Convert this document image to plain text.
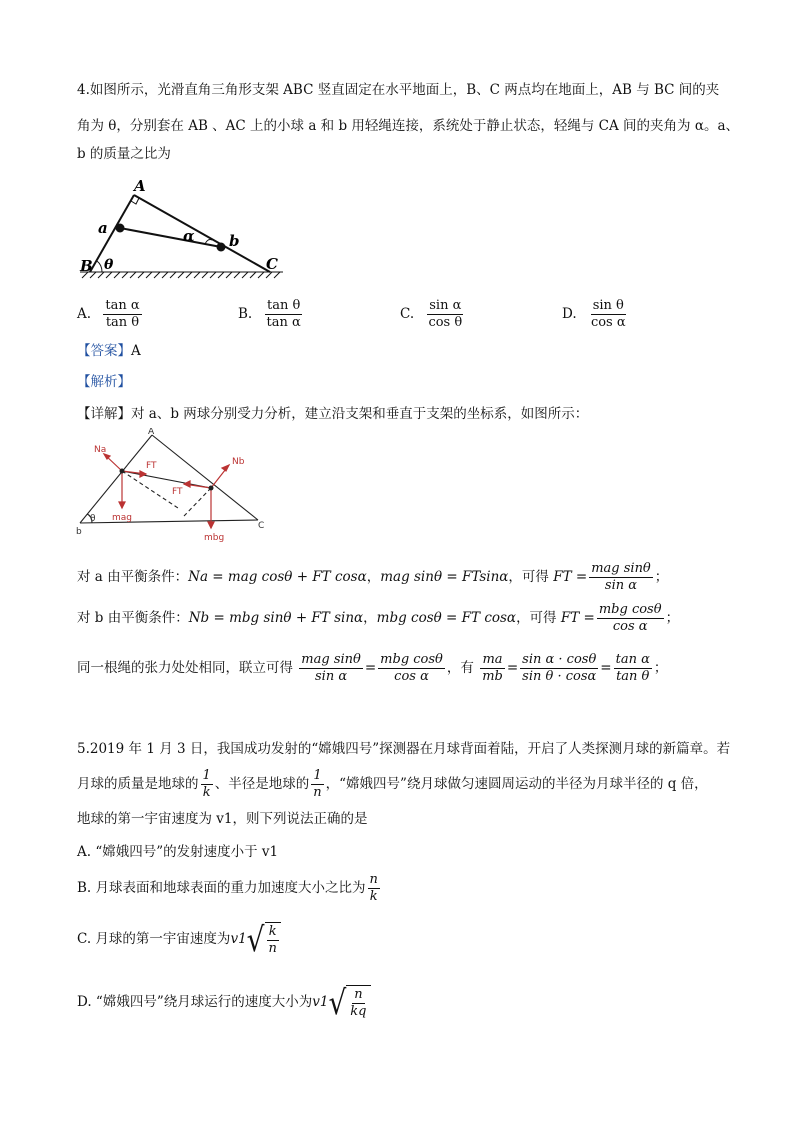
4.如图所示，光滑直角三角形支架 ABC 竖直固定在水平地面上，B、C 两点均在地面上，AB 与 BC 间的夹
角为 θ，分别套在 AB 、AC 上的小球 a 和 b 用轻绳连接，系统处于静止状态，轻绳与 CA 间的夹角为 α。a、
b 的质量之比为
A
a	α b
B θ	C
A. $\frac{\text{tan α}}{\text{tan θ}}$	B. $\frac{\text{tan θ}}{\text{tan α}}$	C. $\frac{\text{sin α}}{\text{cos θ}}$	D. $\frac{\text{sin θ}}{\text{cos α}}$
【答案】A
【解析】
【详解】对 a、b 两球分别受力分析，建立沿支架和垂直于支架的坐标系，如图所示：
A
b
C
θ
Na
FT
FT
Nb
mag
mbg
对 a 由平衡条件：Na = mag cosθ + FT cosα，mag sinθ = FTsinα，可得 FT = $\frac{\text{mag sinθ}}{\text{sin α}}$ ；
对 b 由平衡条件：Nb = mbg sinθ + FT sinα，mbg cosθ = FT cosα，可得 FT = $\frac{\text{mbg cosθ}}{\text{cos α}}$ ；
同一根绳的张力处处相同，联立可得 $\frac{\text{mag sinθ}}{\text{sin α}} = \frac{\text{mbg cosθ}}{\text{cos α}}$ ，有 $\frac{ma}{mb} = \frac{\text{sin α · cosθ}}{\text{sin θ · cosα}} = \frac{\text{tan α}}{\text{tan θ}}$ ；
5.2019 年 1 月 3 日，我国成功发射的“嫦娥四号”探测器在月球背面着陆，开启了人类探测月球的新篇章。若
月球的质量是地球的 $\frac{1}{k}$ 、半径是地球的 $\frac{1}{n}$ ，“嫦娥四号”绕月球做匀速圆周运动的半径为月球半径的 q 倍，
地球的第一宇宙速度为 v1，则下列说法正确的是
A. “嫦娥四号”的发射速度小于 v1
B. 月球表面和地球表面的重力加速度大小之比为 $\frac{n}{k}$
C. 月球的第一宇宙速度为v1 √ $\frac{k}{n}$
D. “嫦娥四号”绕月球运行的速度大小为v1 √ $\frac{n}{kq}$
